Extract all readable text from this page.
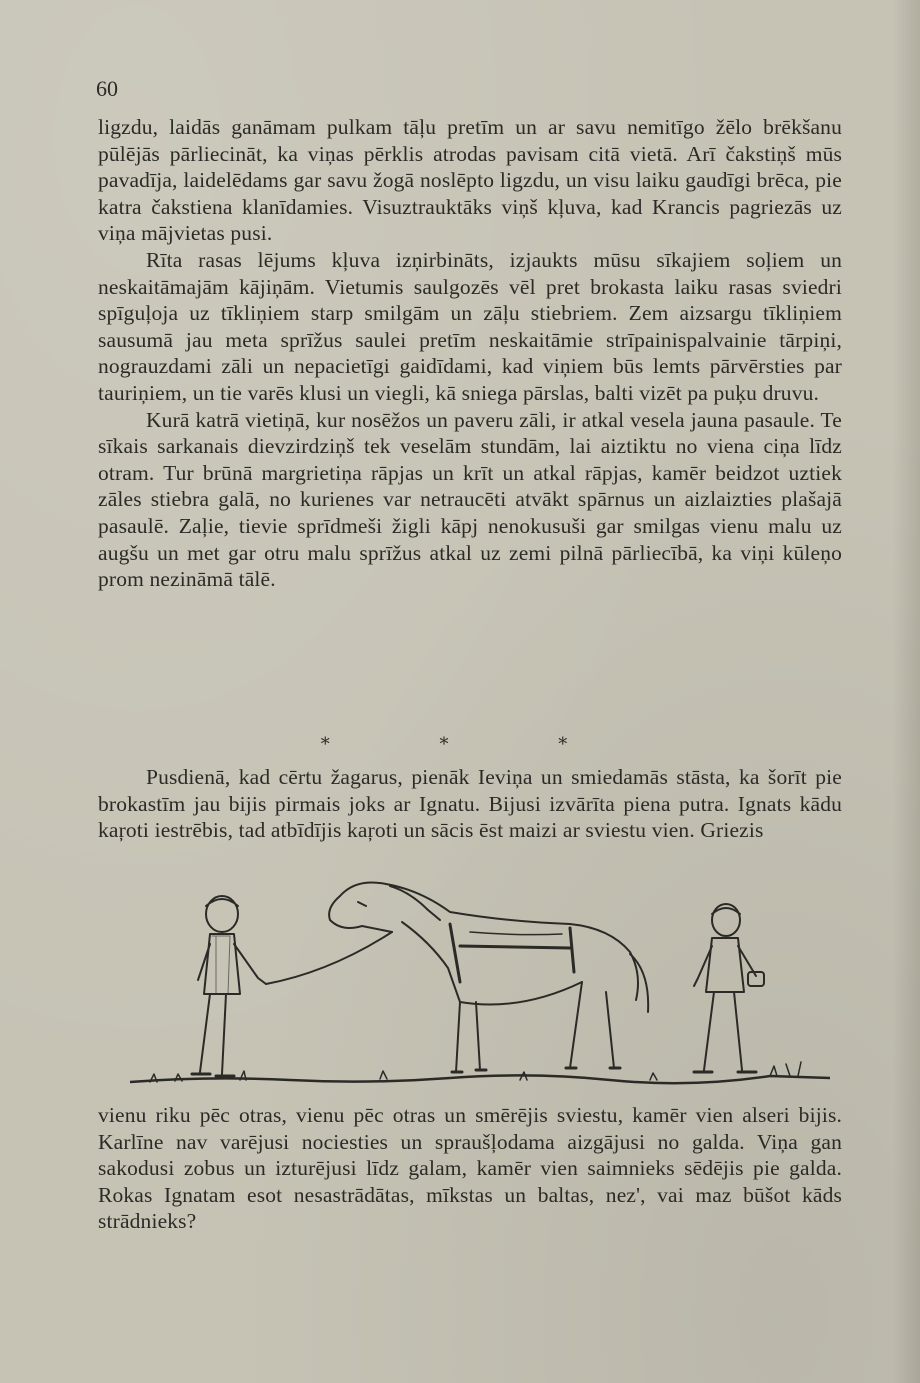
60

ligzdu, laidās ganāmam pulkam tāļu pretīm un ar savu nemitīgo žēlo brēkšanu pūlējās pārliecināt, ka viņas pērklis atrodas pavisam citā vietā. Arī čakstiņš mūs pavadīja, laidelēdams gar savu žogā noslēpto ligzdu, un visu laiku gaudīgi brēca, pie katra čakstiena klanīdamies. Visuztrauktāks viņš kļuva, kad Krancis pagriezās uz viņa mājvietas pusi.

Rīta rasas lējums kļuva izņirbināts, izjaukts mūsu sīkajiem soļiem un neskaitāmajām kājiņām. Vietumis saulgozēs vēl pret brokasta laiku rasas sviedri spīguļoja uz tīkliņiem starp smilgām un zāļu stiebriem. Zem aizsargu tīkliņiem sausumā jau meta sprīžus saulei pretīm neskaitāmie strīpainispalvainie tārpiņi, nograuzdami zāli un nepacietīgi gaidīdami, kad viņiem būs lemts pārvērsties par tauriņiem, un tie varēs klusi un viegli, kā sniega pārslas, balti vizēt pa puķu druvu.

Kurā katrā vietiņā, kur nosēžos un paveru zāli, ir atkal vesela jauna pasaule. Te sīkais sarkanais dievzirdziņš tek veselām stundām, lai aiztiktu no viena ciņa līdz otram. Tur brūnā margrietiņa rāpjas un krīt un atkal rāpjas, kamēr beidzot uztiek zāles stiebra galā, no kurienes var netraucēti atvākt spārnus un aizlaizties plašajā pasaulē. Zaļie, tievie sprīdmeši žigli kāpj nenokusuši gar smilgas vienu malu uz augšu un met gar otru malu sprīžus atkal uz zemi pilnā pārliecībā, ka viņi kūleņo prom nezināmā tālē.

* * *

Pusdienā, kad cērtu žagarus, pienāk Ieviņa un smiedamās stāsta, ka šorīt pie brokastīm jau bijis pirmais joks ar Ignatu. Bijusi izvārīta piena putra. Ignats kādu kaŗoti iestrēbis, tad atbīdījis kaŗoti un sācis ēst maizi ar sviestu vien. Griezis

vienu riku pēc otras, vienu pēc otras un smērējis sviestu, kamēr vien alseri bijis. Karlīne nav varējusi nociesties un spraušļodama aizgājusi no galda. Viņa gan sakodusi zobus un izturējusi līdz galam, kamēr vien saimnieks sēdējis pie galda. Rokas Ignatam esot nesastrādātas, mīkstas un baltas, nez', vai maz būšot kāds strādnieks?
